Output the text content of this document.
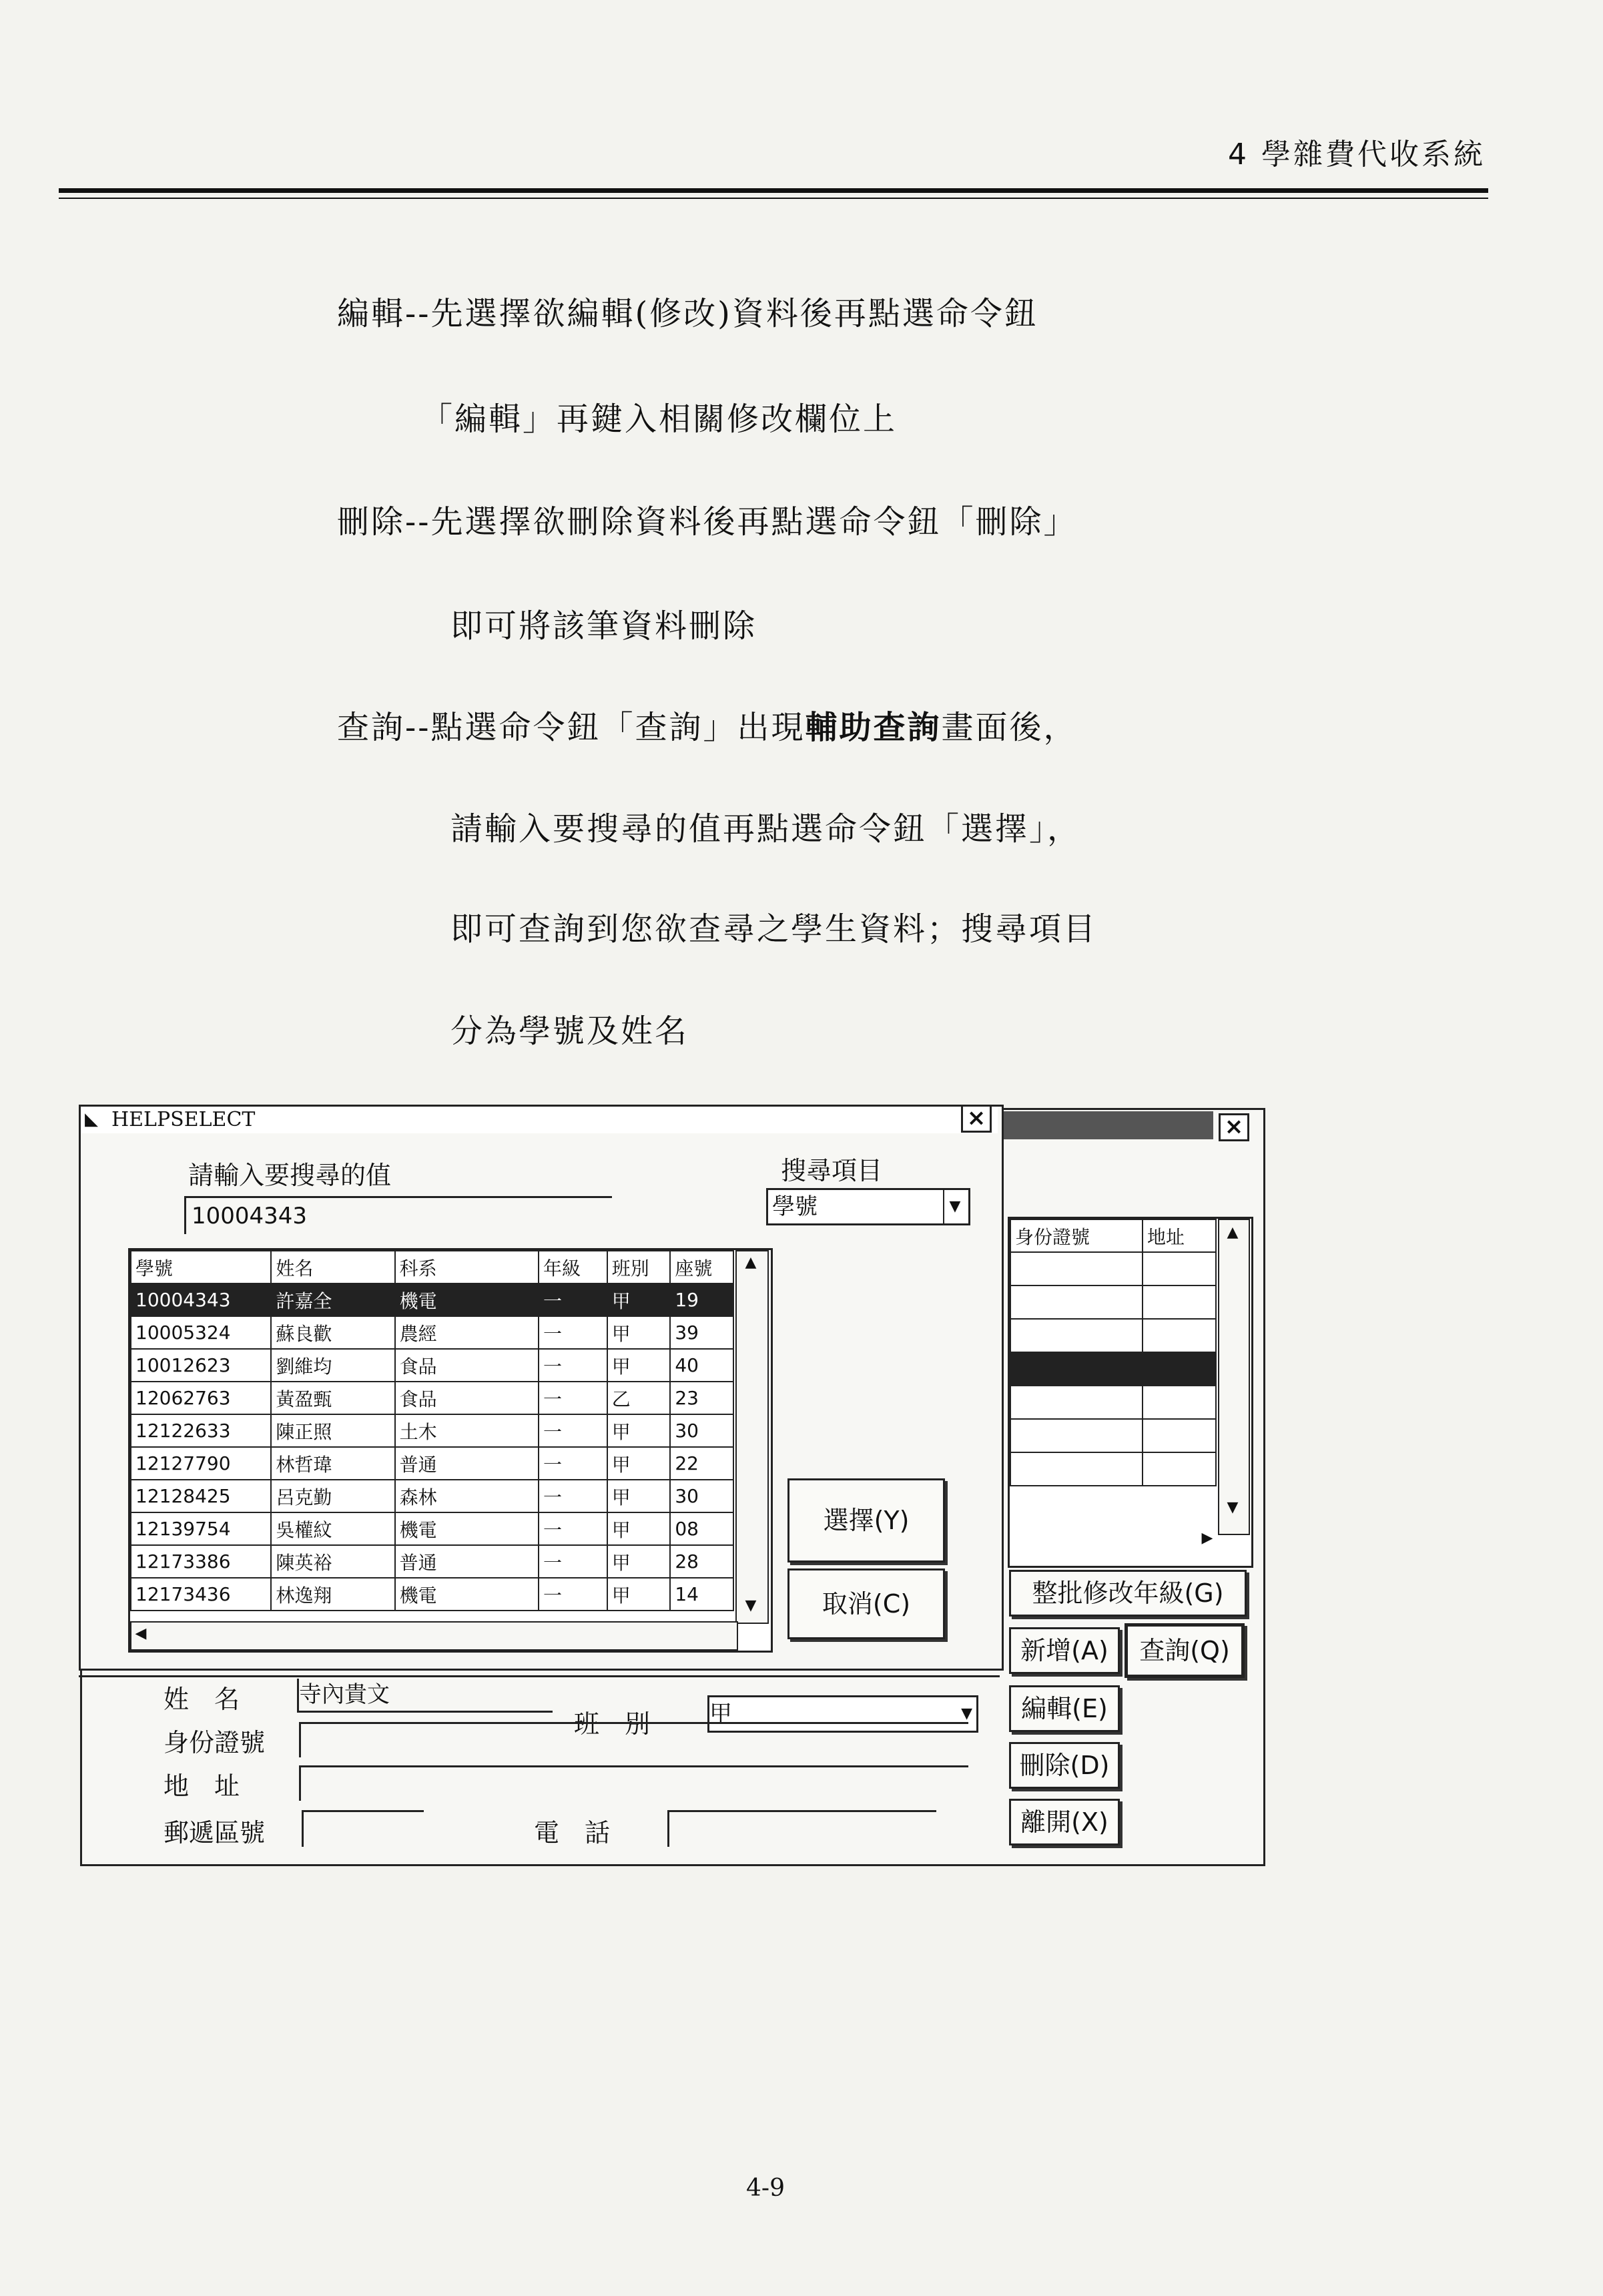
4 學雜費代收系統
編輯--先選擇欲編輯(修改)資料後再點選命令鈕
「編輯」再鍵入相關修改欄位上
刪除--先選擇欲刪除資料後再點選命令鈕「刪除」
即可將該筆資料刪除
查詢--點選命令鈕「查詢」出現輔助查詢畫面後，
請輸入要搜尋的值再點選命令鈕「選擇」，
即可查詢到您欲查尋之學生資料；搜尋項目
分為學號及姓名
×
身份證號	地址

		▲
▼
▶
整批修改年級(G)
新增(A)	查詢(Q)
編輯(E)
刪除(D)
離開(X)
姓　名	寺內貴文
班　別	甲	▼
身份證號
地　址
郵遞區號	電　話
◣ HELPSELECT	×
請輸入要搜尋的值
10004343
搜尋項目
學號	▼
學號	姓名	科系	年級	班別	座號
10004343	許嘉全	機電	一	甲	19
10005324	蘇良歡	農經	一	甲	39
10012623	劉維均	食品	一	甲	40
12062763	黃盈甄	食品	一	乙	23
12122633	陳正照	土木	一	甲	30
12127790	林哲瑋	普通	一	甲	22
12128425	呂克勤	森林	一	甲	30
12139754	吳權紋	機電	一	甲	08
12173386	陳英裕	普通	一	甲	28
12173436	林逸翔	機電	一	甲	14
▲
▼
◀
選擇(Y)
取消(C)
4-9
